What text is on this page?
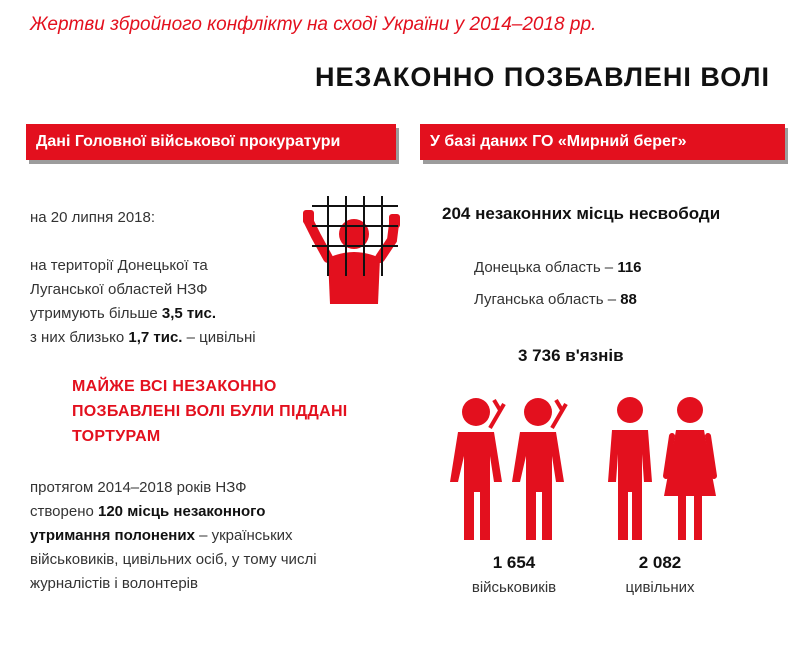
Жертви збройного конфлікту на сході України у 2014–2018 рр.
НЕЗАКОННО ПОЗБАВЛЕНІ ВОЛІ
Дані Головної військової прокуратури	У базі даних ГО «Мирний берег»
на 20 липня 2018:
на території Донецької та
Луганської областей НЗФ
утримують більше 3,5 тис.
з них близько 1,7 тис. – цивільні
МАЙЖЕ ВСІ НЕЗАКОННО
ПОЗБАВЛЕНІ ВОЛІ БУЛИ ПІДДАНІ
ТОРТУРАМ
протягом 2014–2018 років НЗФ
створено 120 місць незаконного
утримання полонених – українських
військовиків, цивільних осіб, у тому числі
журналістів і волонтерів
204 незаконних місць несвободи
Донецька область – 116
Луганська область – 88
3 736 в'язнів
1 654
військовиків
2 082
цивільних
